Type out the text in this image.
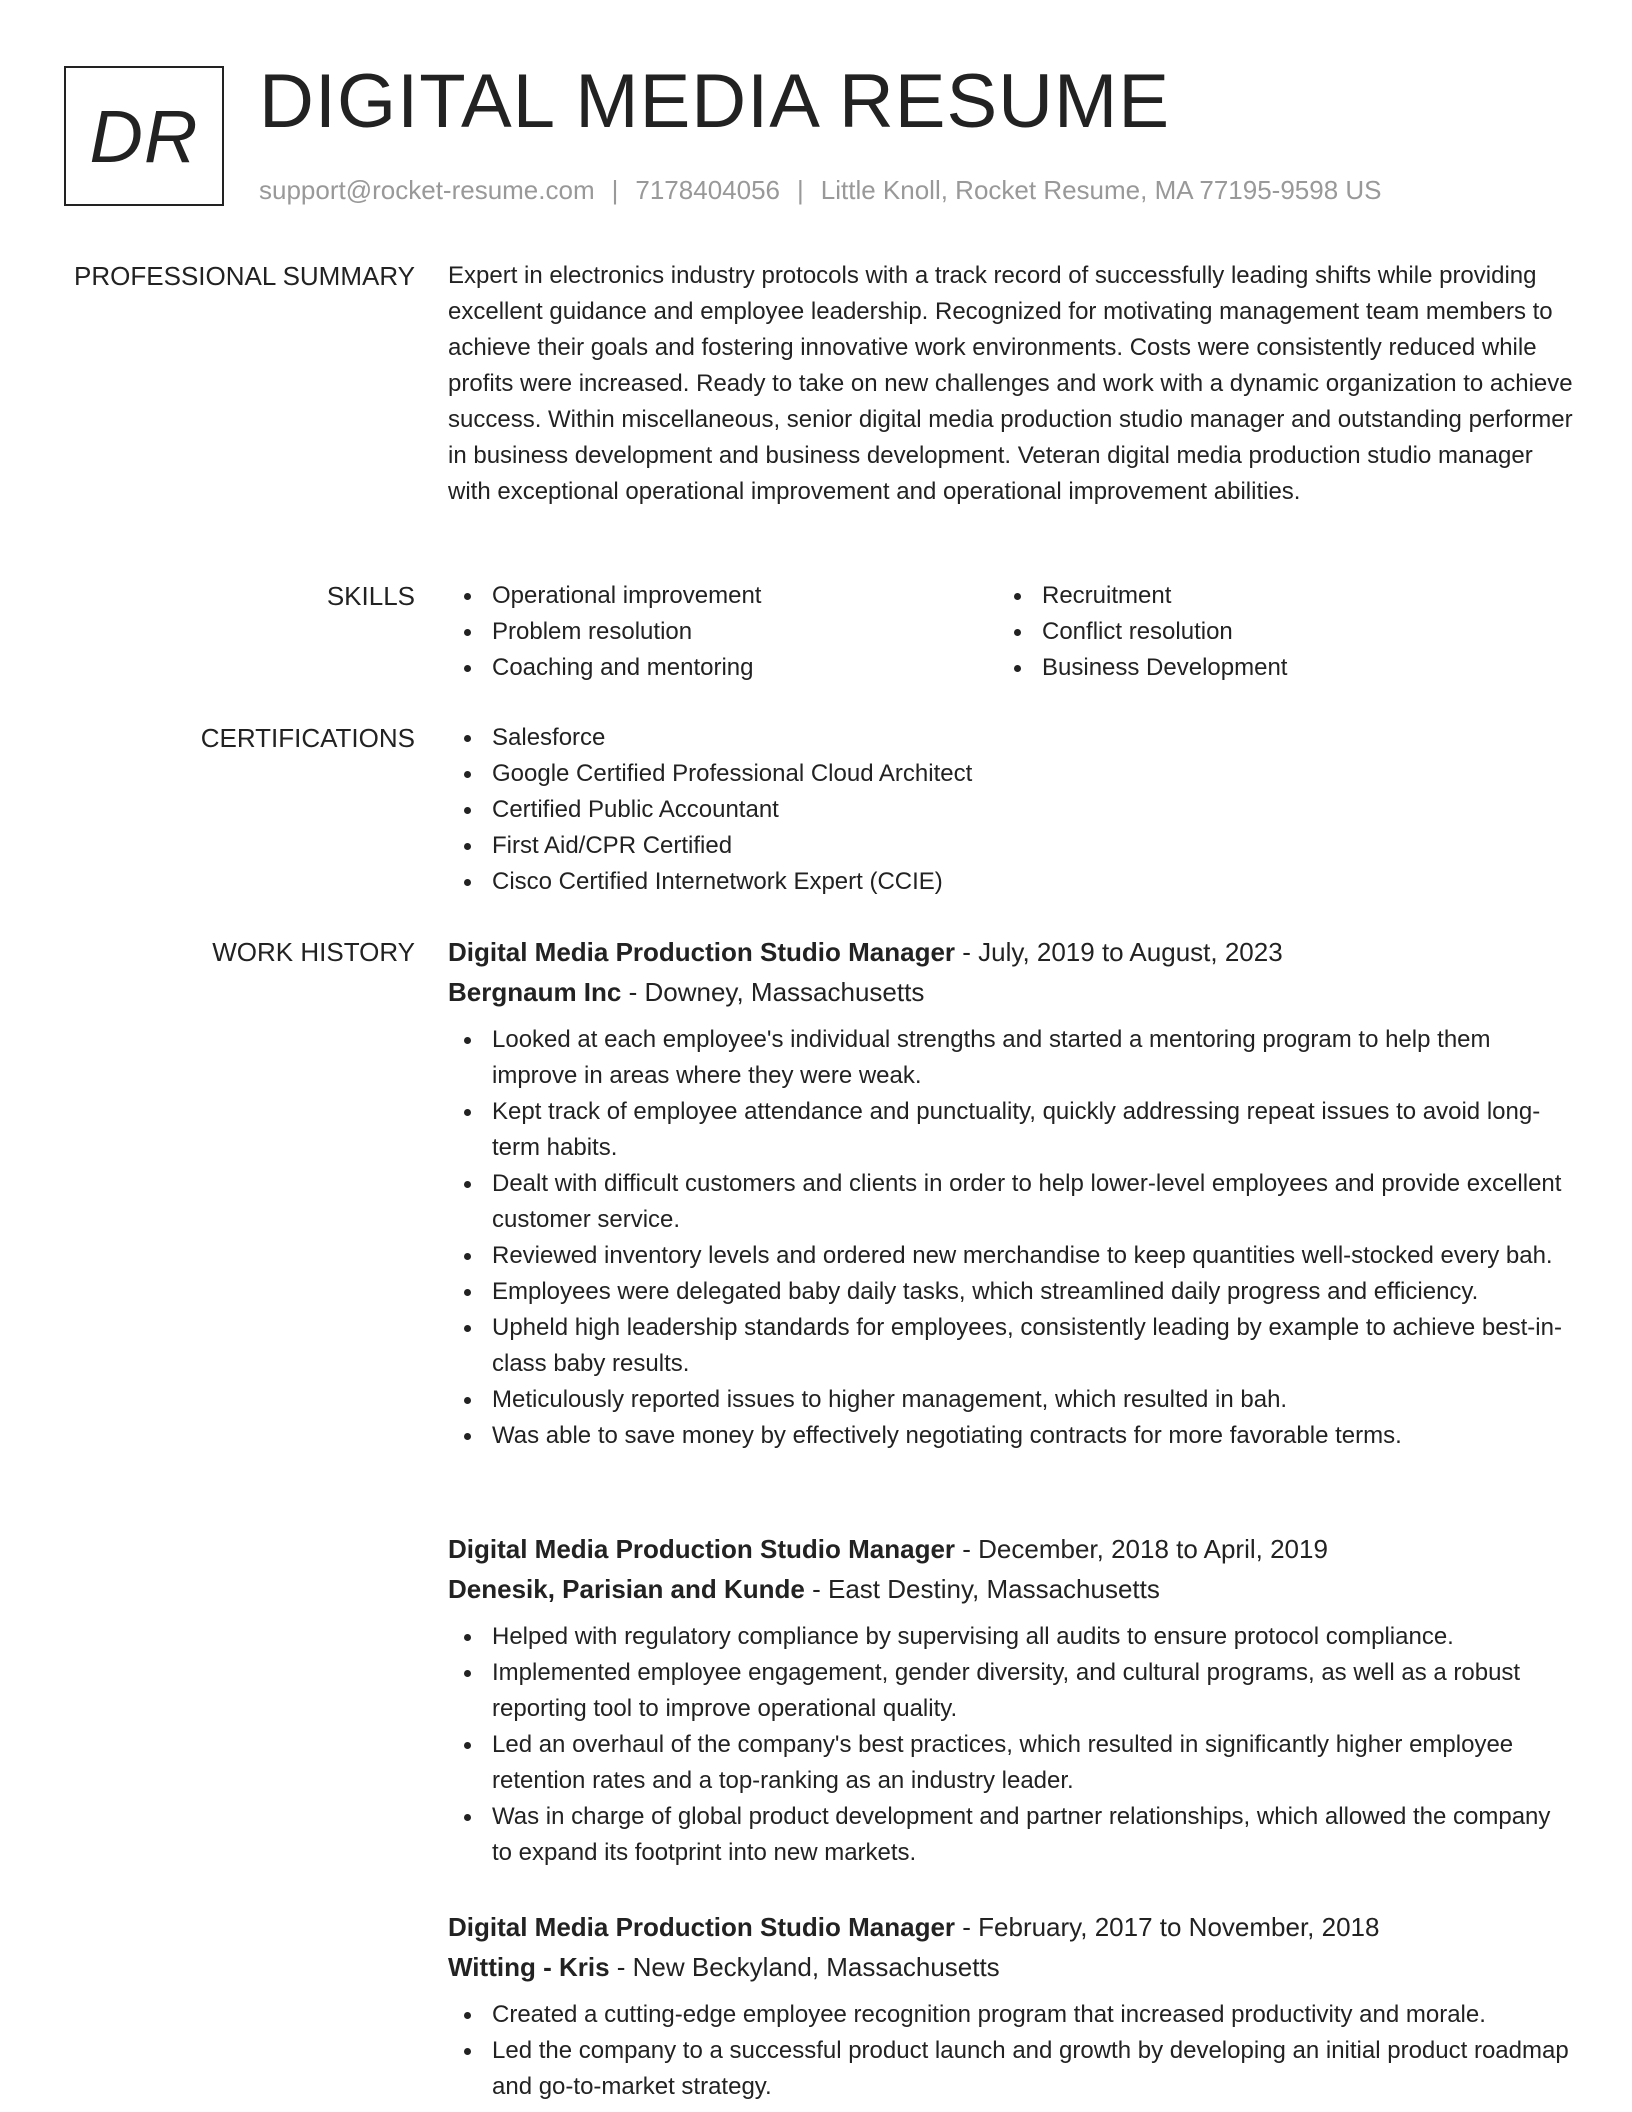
DR DIGITAL MEDIA RESUME
support@rocket-resume.com | 7178404056 | Little Knoll, Rocket Resume, MA 77195-9598 US
PROFESSIONAL SUMMARY Expert in electronics industry protocols with a track record of successfully leading shifts while providing excellent guidance and employee leadership. Recognized for motivating management team members to achieve their goals and fostering innovative work environments. Costs were consistently reduced while profits were increased. Ready to take on new challenges and work with a dynamic organization to achieve success. Within miscellaneous, senior digital media production studio manager and outstanding performer in business development and business development. Veteran digital media production studio manager with exceptional operational improvement and operational improvement abilities.

SKILLS	Operational improvement	Recruitment
Problem resolution	Conflict resolution
Coaching and mentoring	Business Development
CERTIFICATIONS	Salesforce
Google Certified Professional Cloud Architect
Certified Public Accountant
First Aid/CPR Certified
Cisco Certified Internetwork Expert (CCIE)
WORK HISTORY Digital Media Production Studio Manager - July, 2019 to August, 2023
Bergnaum Inc - Downey, Massachusetts
Looked at each employee's individual strengths and started a mentoring program to help them improve in areas where they were weak.
Kept track of employee attendance and punctuality, quickly addressing repeat issues to avoid long-term habits.
Dealt with difficult customers and clients in order to help lower-level employees and provide excellent customer service.
Reviewed inventory levels and ordered new merchandise to keep quantities well-stocked every bah.
Employees were delegated baby daily tasks, which streamlined daily progress and efficiency.
Upheld high leadership standards for employees, consistently leading by example to achieve best-in-class baby results.
Meticulously reported issues to higher management, which resulted in bah.
Was able to save money by effectively negotiating contracts for more favorable terms.
Digital Media Production Studio Manager - December, 2018 to April, 2019
Denesik, Parisian and Kunde - East Destiny, Massachusetts
Helped with regulatory compliance by supervising all audits to ensure protocol compliance.
Implemented employee engagement, gender diversity, and cultural programs, as well as a robust reporting tool to improve operational quality.
Led an overhaul of the company's best practices, which resulted in significantly higher employee retention rates and a top-ranking as an industry leader.
Was in charge of global product development and partner relationships, which allowed the company to expand its footprint into new markets.
Digital Media Production Studio Manager - February, 2017 to November, 2018
Witting - Kris - New Beckyland, Massachusetts
Created a cutting-edge employee recognition program that increased productivity and morale.
Led the company to a successful product launch and growth by developing an initial product roadmap and go-to-market strategy.
